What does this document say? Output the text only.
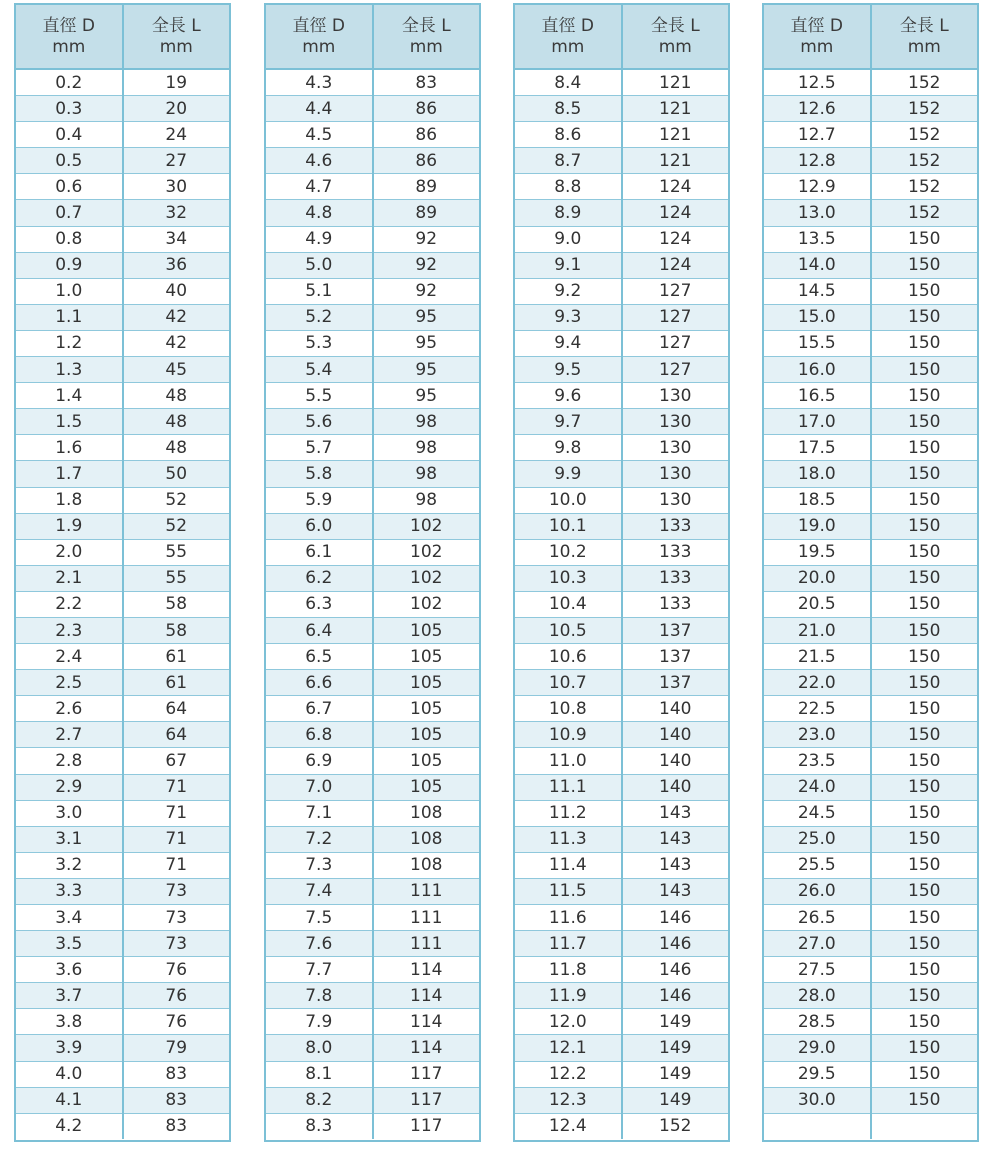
直徑 D
mm	全長 L
mm

0.2	19
0.3	20
0.4	24
0.5	27
0.6	30
0.7	32
0.8	34
0.9	36
1.0	40
1.1	42
1.2	42
1.3	45
1.4	48
1.5	48
1.6	48
1.7	50
1.8	52
1.9	52
2.0	55
2.1	55
2.2	58
2.3	58
2.4	61
2.5	61
2.6	64
2.7	64
2.8	67
2.9	71
3.0	71
3.1	71
3.2	71
3.3	73
3.4	73
3.5	73
3.6	76
3.7	76
3.8	76
3.9	79
4.0	83
4.1	83
4.2	83
直徑 D
mm	全長 L
mm

4.3	83
4.4	86
4.5	86
4.6	86
4.7	89
4.8	89
4.9	92
5.0	92
5.1	92
5.2	95
5.3	95
5.4	95
5.5	95
5.6	98
5.7	98
5.8	98
5.9	98
6.0	102
6.1	102
6.2	102
6.3	102
6.4	105
6.5	105
6.6	105
6.7	105
6.8	105
6.9	105
7.0	105
7.1	108
7.2	108
7.3	108
7.4	111
7.5	111
7.6	111
7.7	114
7.8	114
7.9	114
8.0	114
8.1	117
8.2	117
8.3	117
直徑 D
mm	全長 L
mm

8.4	121
8.5	121
8.6	121
8.7	121
8.8	124
8.9	124
9.0	124
9.1	124
9.2	127
9.3	127
9.4	127
9.5	127
9.6	130
9.7	130
9.8	130
9.9	130
10.0	130
10.1	133
10.2	133
10.3	133
10.4	133
10.5	137
10.6	137
10.7	137
10.8	140
10.9	140
11.0	140
11.1	140
11.2	143
11.3	143
11.4	143
11.5	143
11.6	146
11.7	146
11.8	146
11.9	146
12.0	149
12.1	149
12.2	149
12.3	149
12.4	152
直徑 D
mm	全長 L
mm

12.5	152
12.6	152
12.7	152
12.8	152
12.9	152
13.0	152
13.5	150
14.0	150
14.5	150
15.0	150
15.5	150
16.0	150
16.5	150
17.0	150
17.5	150
18.0	150
18.5	150
19.0	150
19.5	150
20.0	150
20.5	150
21.0	150
21.5	150
22.0	150
22.5	150
23.0	150
23.5	150
24.0	150
24.5	150
25.0	150
25.5	150
26.0	150
26.5	150
27.0	150
27.5	150
28.0	150
28.5	150
29.0	150
29.5	150
30.0	150
